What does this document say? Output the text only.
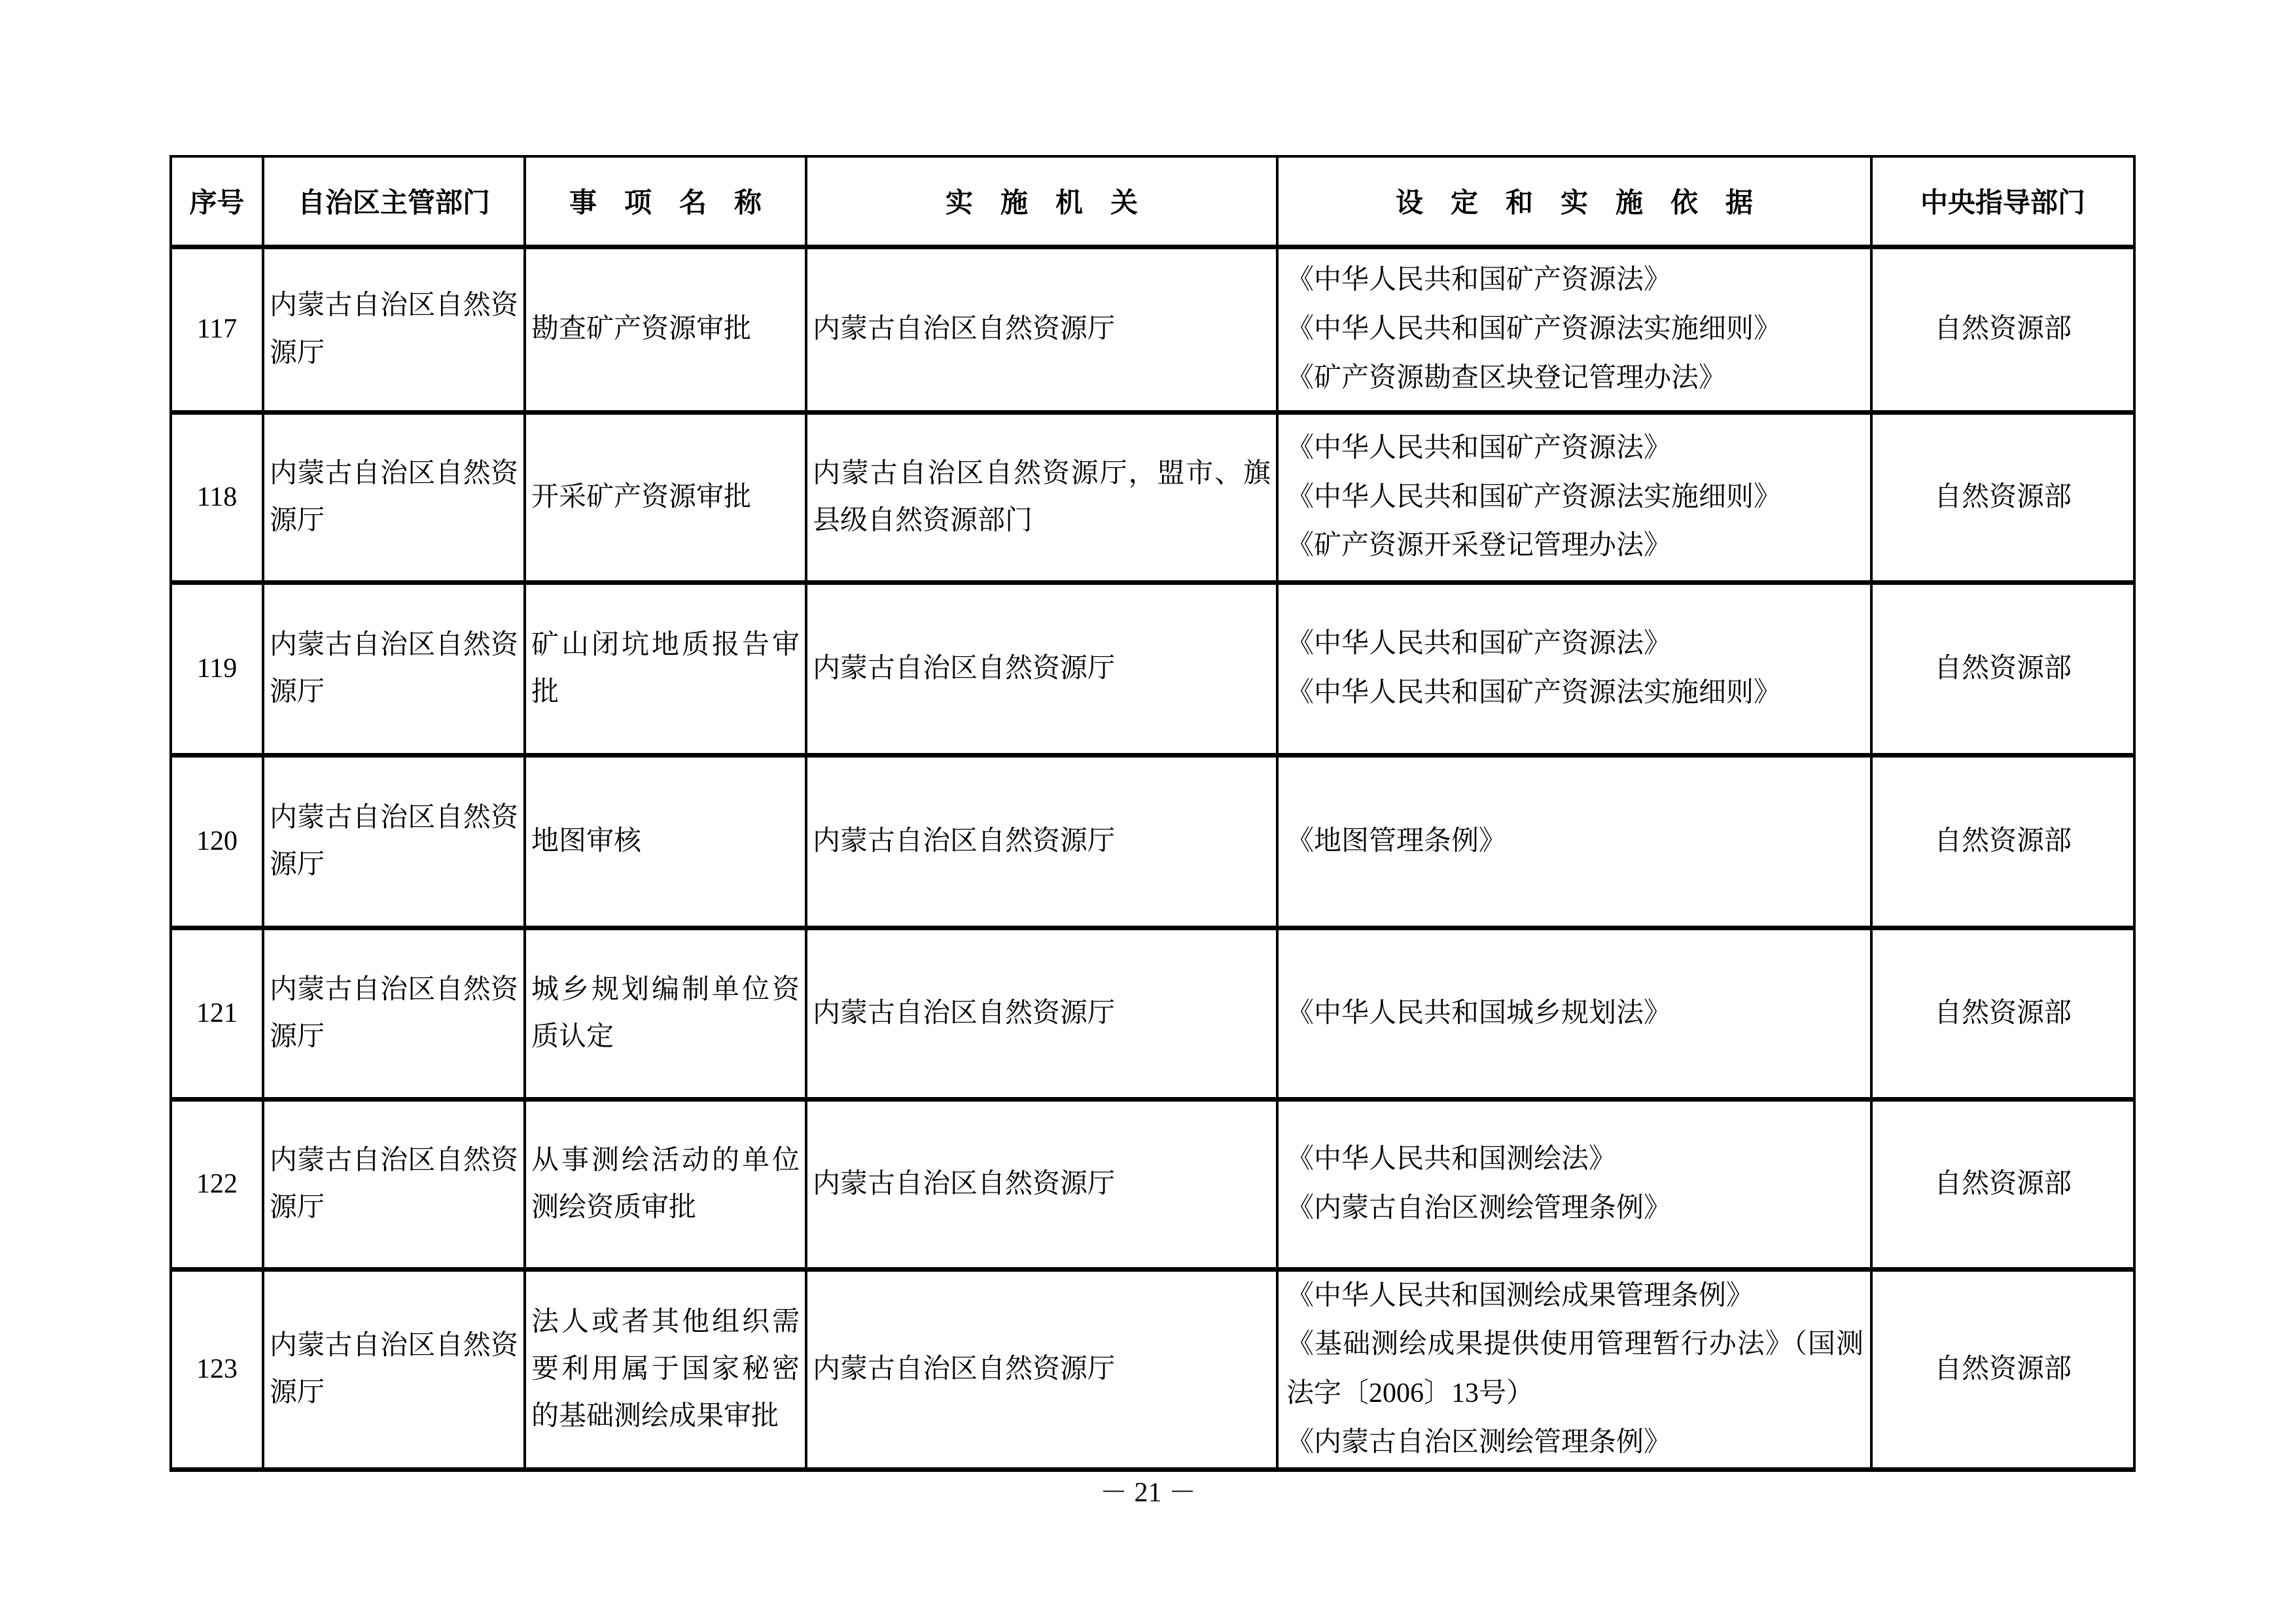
序号	自治区主管部门	事　项　名　称	实　施　机　关	设　定　和　实　施　依　据	中央指导部门
117	内蒙古自治区自然资源厅	勘查矿产资源审批	内蒙古自治区自然资源厅	《中华人民共和国矿产资源法》
《中华人民共和国矿产资源法实施细则》
《矿产资源勘查区块登记管理办法》	自然资源部
118	内蒙古自治区自然资源厅	开采矿产资源审批	内蒙古自治区自然资源厅，盟市、旗县级自然资源部门	《中华人民共和国矿产资源法》
《中华人民共和国矿产资源法实施细则》
《矿产资源开采登记管理办法》	自然资源部
119	内蒙古自治区自然资源厅	矿山闭坑地质报告审批	内蒙古自治区自然资源厅	《中华人民共和国矿产资源法》
《中华人民共和国矿产资源法实施细则》	自然资源部
120	内蒙古自治区自然资源厅	地图审核	内蒙古自治区自然资源厅	《地图管理条例》	自然资源部
121	内蒙古自治区自然资源厅	城乡规划编制单位资质认定	内蒙古自治区自然资源厅	《中华人民共和国城乡规划法》	自然资源部
122	内蒙古自治区自然资源厅	从事测绘活动的单位测绘资质审批	内蒙古自治区自然资源厅	《中华人民共和国测绘法》
《内蒙古自治区测绘管理条例》	自然资源部
123	内蒙古自治区自然资源厅	法人或者其他组织需要利用属于国家秘密的基础测绘成果审批	内蒙古自治区自然资源厅	《中华人民共和国测绘成果管理条例》
《基础测绘成果提供使用管理暂行办法》（国测法字〔2006〕13号）
《内蒙古自治区测绘管理条例》	自然资源部
－ 21 －
